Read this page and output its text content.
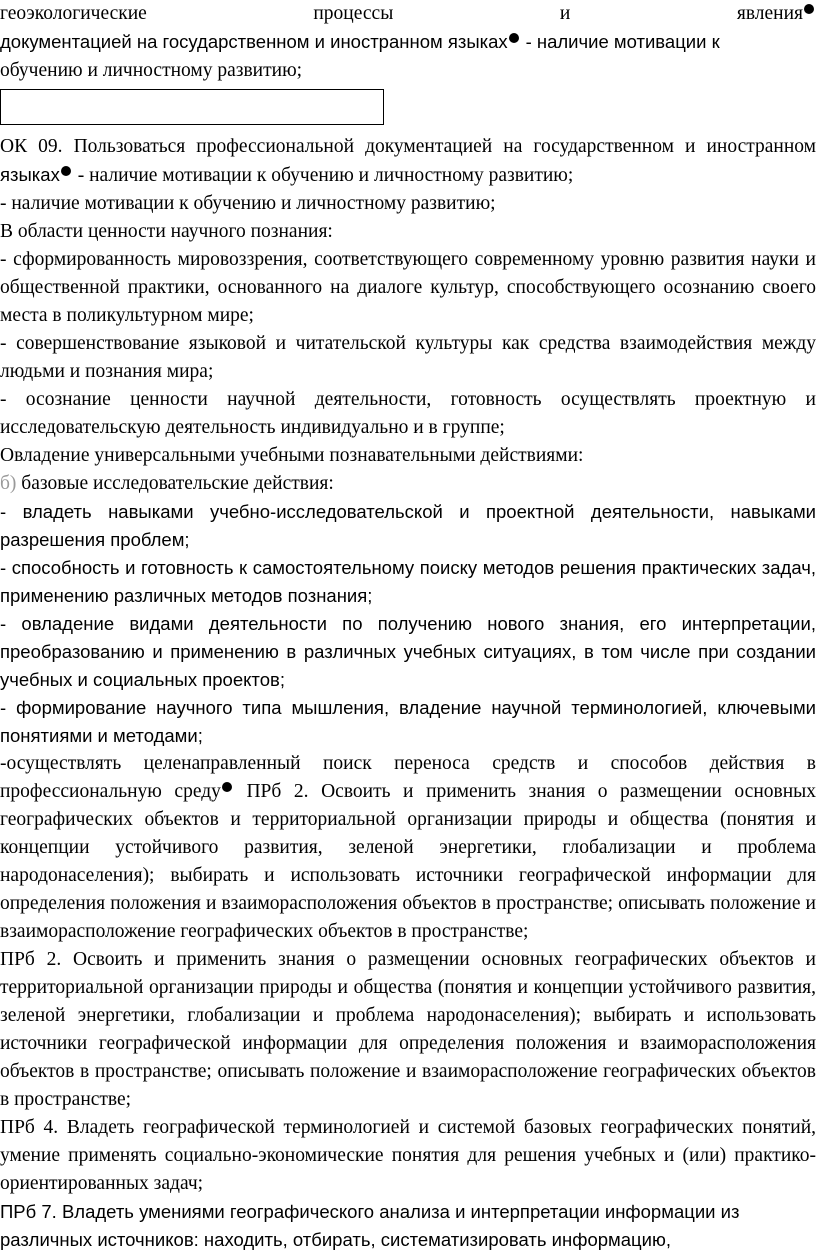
геоэкологические	процессы	и	явления
документацией на государственном и иностранном языках - наличие мотивации к
обучению и личностному развитию;
ОК 09. Пользоваться профессиональной документацией на государственном и иностранном языках - наличие мотивации к обучению и личностному развитию;
- наличие мотивации к обучению и личностному развитию;
В области ценности научного познания:
- сформированность мировоззрения, соответствующего современному уровню развития науки и общественной практики, основанного на диалоге культур, способствующего осознанию своего места в поликультурном мире;
- совершенствование языковой и читательской культуры как средства взаимодействия между людьми и познания мира;
- осознание ценности научной деятельности, готовность осуществлять проектную и исследовательскую деятельность индивидуально и в группе;
Овладение универсальными учебными познавательными действиями:
б) базовые исследовательские действия:
- владеть навыками учебно-исследовательской и проектной деятельности, навыками разрешения проблем;
- способность и готовность к самостоятельному поиску методов решения практических задач, применению различных методов познания;
- овладение видами деятельности по получению нового знания, его интерпретации, преобразованию и применению в различных учебных ситуациях, в том числе при создании учебных и социальных проектов;
- формирование научного типа мышления, владение научной терминологией, ключевыми понятиями и методами;
-осуществлять целенаправленный поиск переноса средств и способов действия в профессиональную среду ПРб 2. Освоить и применить знания о размещении основных географических объектов и территориальной организации природы и общества (понятия и концепции устойчивого развития, зеленой энергетики, глобализации и проблема народонаселения); выбирать и использовать источники географической информации для определения положения и взаиморасположения объектов в пространстве; описывать положение и взаиморасположение географических объектов в пространстве;
ПРб 2. Освоить и применить знания о размещении основных географических объектов и территориальной организации природы и общества (понятия и концепции устойчивого развития, зеленой энергетики, глобализации и проблема народонаселения); выбирать и использовать источники географической информации для определения положения и взаиморасположения объектов в пространстве; описывать положение и взаиморасположение географических объектов в пространстве;
ПРб 4. Владеть географической терминологией и системой базовых географических понятий, умение применять социально-экономические понятия для решения учебных и (или) практико-ориентированных задач;
ПРб 7. Владеть умениями географического анализа и интерпретации информации из
различных источников: находить, отбирать, систематизировать информацию,
